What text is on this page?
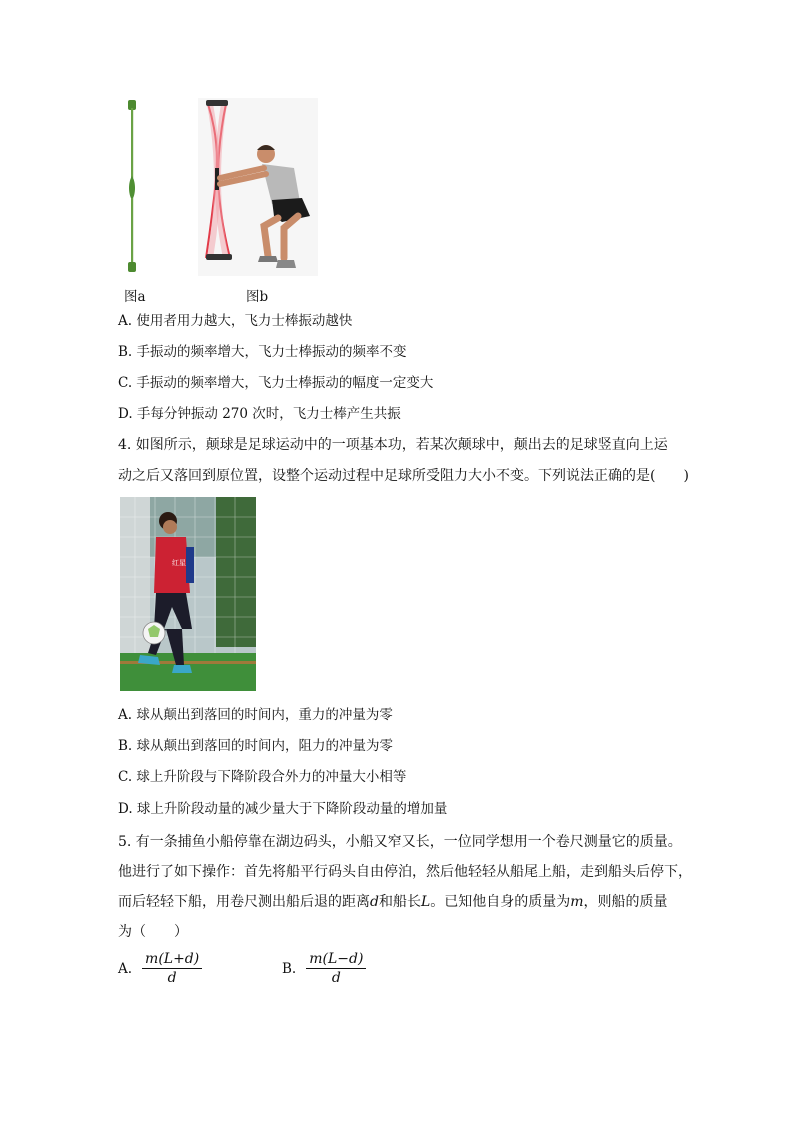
图a	图b
A. 使用者用力越大，飞力士棒振动越快
B. 手振动的频率增大，飞力士棒振动的频率不变
C. 手振动的频率增大，飞力士棒振动的幅度一定变大
D. 手每分钟振动 270 次时，飞力士棒产生共振
4. 如图所示，颠球是足球运动中的一项基本功，若某次颠球中，颠出去的足球竖直向上运
动之后又落回到原位置，设整个运动过程中足球所受阻力大小不变。下列说法正确的是(　　)
红星
A. 球从颠出到落回的时间内，重力的冲量为零
B. 球从颠出到落回的时间内，阻力的冲量为零
C. 球上升阶段与下降阶段合外力的冲量大小相等
D. 球上升阶段动量的减少量大于下降阶段动量的增加量
5. 有一条捕鱼小船停靠在湖边码头，小船又窄又长，一位同学想用一个卷尺测量它的质量。
他进行了如下操作：首先将船平行码头自由停泊，然后他轻轻从船尾上船，走到船头后停下，
而后轻轻下船，用卷尺测出船后退的距离d和船长L。已知他自身的质量为m，则船的质量
为（　　）
A. $\frac{m(L+d)}{d}$	B. $\frac{m(L-d)}{d}$
